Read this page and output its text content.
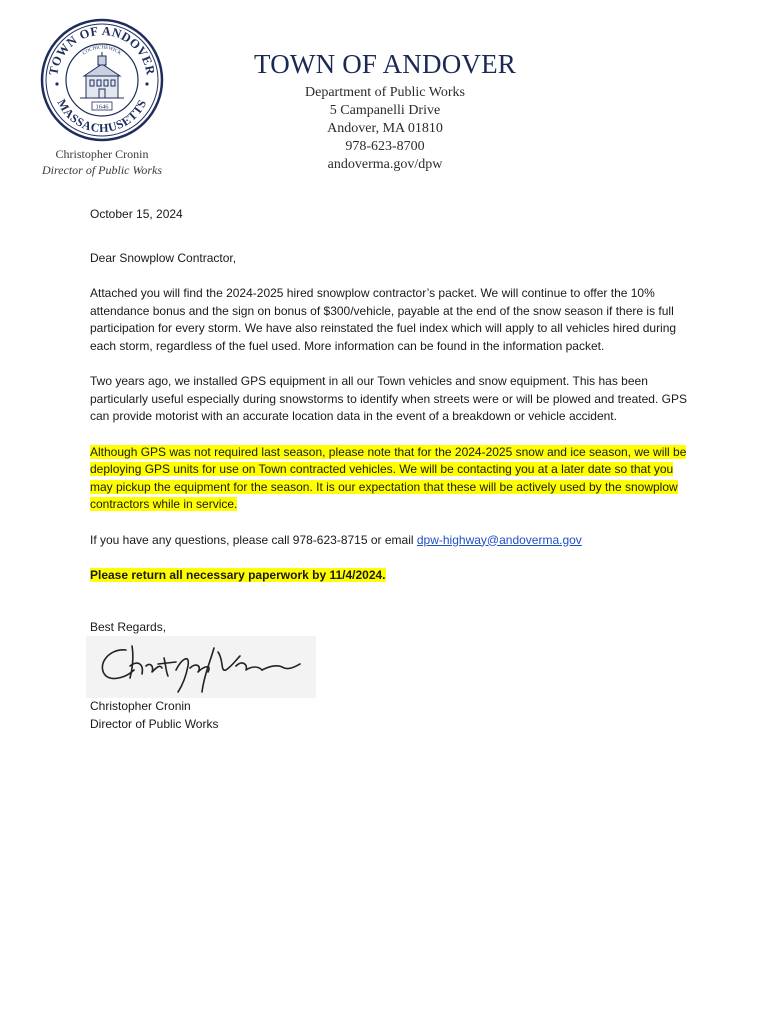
TOWN OF ANDOVER
MASSACHUSETTS
COCHICHEWICK
1646
Christopher Cronin
Director of Public Works
TOWN OF ANDOVER
Department of Public Works
5 Campanelli Drive
Andover, MA 01810
978-623-8700
andoverma.gov/dpw

October 15, 2024

Dear Snowplow Contractor,

Attached you will find the 2024-2025 hired snowplow contractor’s packet. We will continue to offer the 10% attendance bonus and the sign on bonus of $300/vehicle, payable at the end of the snow season if there is full participation for every storm. We have also reinstated the fuel index which will apply to all vehicles hired during each storm, regardless of the fuel used. More information can be found in the information packet.

Two years ago, we installed GPS equipment in all our Town vehicles and snow equipment. This has been particularly useful especially during snowstorms to identify when streets were or will be plowed and treated. GPS can provide motorist with an accurate location data in the event of a breakdown or vehicle accident.

Although GPS was not required last season, please note that for the 2024-2025 snow and ice season, we will be deploying GPS units for use on Town contracted vehicles. We will be contacting you at a later date so that you may pickup the equipment for the season. It is our expectation that these will be actively used by the snowplow contractors while in service.

If you have any questions, please call 978-623-8715 or email dpw-highway@andoverma.gov

Please return all necessary paperwork by 11/4/2024.

Best Regards,

Christopher Cronin

Director of Public Works
